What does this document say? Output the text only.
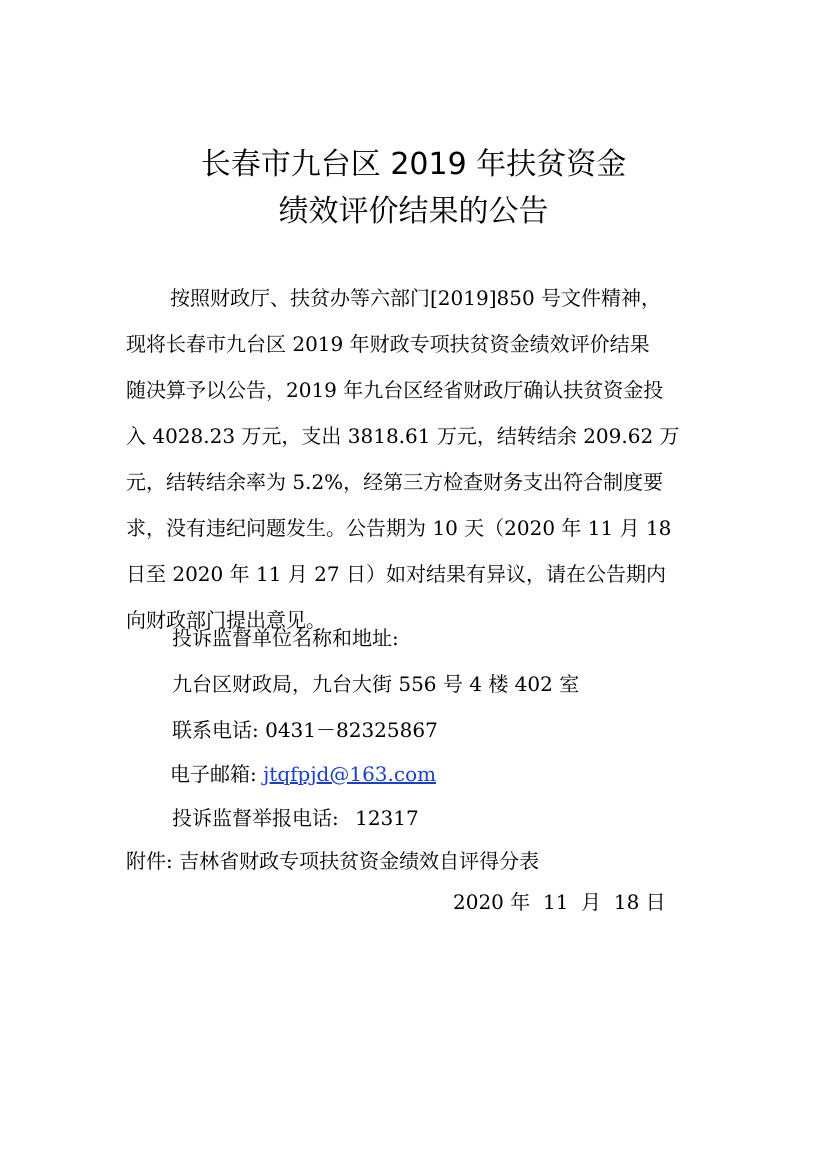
长春市九台区 2019 年扶贫资金
绩效评价结果的公告
按照财政厅、扶贫办等六部门[2019]850 号文件精神，
现将长春市九台区 2019 年财政专项扶贫资金绩效评价结果
随决算予以公告，2019 年九台区经省财政厅确认扶贫资金投
入 4028.23 万元，支出 3818.61 万元，结转结余 209.62 万
元，结转结余率为 5.2%，经第三方检查财务支出符合制度要
求，没有违纪问题发生。公告期为 10 天（2020 年 11 月 18
日至 2020 年 11 月 27 日）如对结果有异议，请在公告期内
向财政部门提出意见。
投诉监督单位名称和地址:
九台区财政局，九台大街 556 号 4 楼 402 室
联系电话: 0431－82325867
电子邮箱: jtqfpjd@163.com
投诉监督举报电话: 12317
附件: 吉林省财政专项扶贫资金绩效自评得分表
2020 年  11  月  18 日
